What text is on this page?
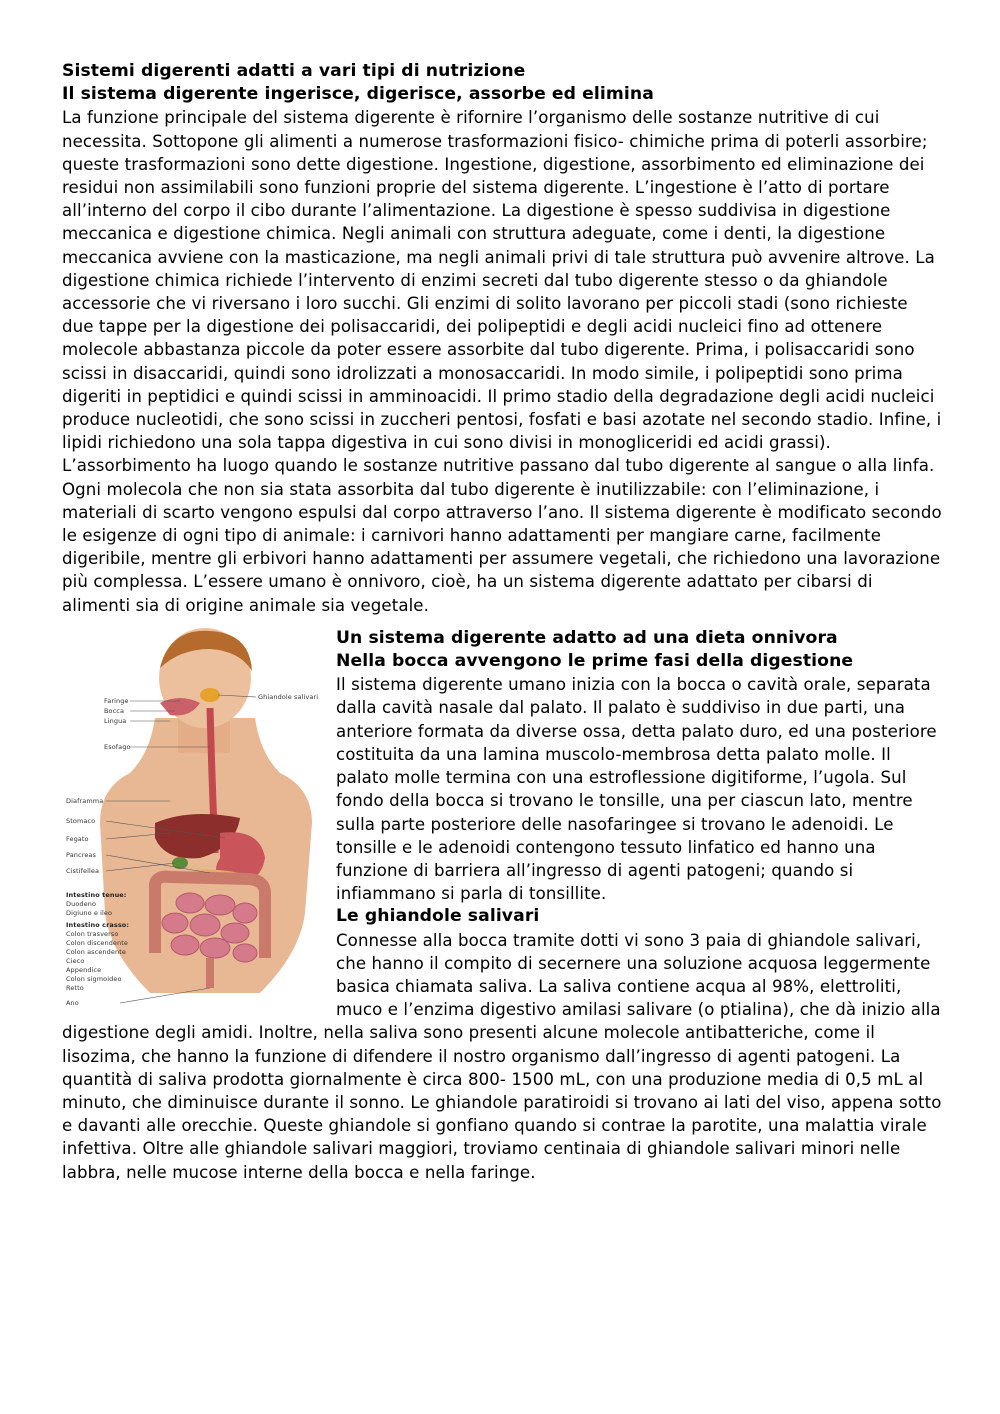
Sistemi digerenti adatti a vari tipi di nutrizione

Il sistema digerente ingerisce, digerisce, assorbe ed elimina

La funzione principale del sistema digerente è rifornire l’organismo delle sostanze nutritive di cui necessita. Sottopone gli alimenti a numerose trasformazioni fisico- chimiche prima di poterli assorbire; queste trasformazioni sono dette digestione. Ingestione, digestione, assorbimento ed eliminazione dei residui non assimilabili sono funzioni proprie del sistema digerente. L’ingestione è l’atto di portare all’interno del corpo il cibo durante l’alimentazione. La digestione è spesso suddivisa in digestione meccanica e digestione chimica. Negli animali con struttura adeguate, come i denti, la digestione meccanica avviene con la masticazione, ma negli animali privi di tale struttura può avvenire altrove. La digestione chimica richiede l’intervento di enzimi secreti dal tubo digerente stesso o da ghiandole accessorie che vi riversano i loro succhi. Gli enzimi di solito lavorano per piccoli stadi (sono richieste due tappe per la digestione dei polisaccaridi, dei polipeptidi e degli acidi nucleici fino ad ottenere molecole abbastanza piccole da poter essere assorbite dal tubo digerente. Prima, i polisaccaridi sono scissi in disaccaridi, quindi sono idrolizzati a monosaccaridi. In modo simile, i polipeptidi sono prima digeriti in peptidici e quindi scissi in amminoacidi. Il primo stadio della degradazione degli acidi nucleici produce nucleotidi, che sono scissi in zuccheri pentosi, fosfati e basi azotate nel secondo stadio. Infine, i lipidi richiedono una sola tappa digestiva in cui sono divisi in monogliceridi ed acidi grassi). L’assorbimento ha luogo quando le sostanze nutritive passano dal tubo digerente al sangue o alla linfa. Ogni molecola che non sia stata assorbita dal tubo digerente è inutilizzabile: con l’eliminazione, i materiali di scarto vengono espulsi dal corpo attraverso l’ano. Il sistema digerente è modificato secondo le esigenze di ogni tipo di animale: i carnivori hanno adattamenti per mangiare carne, facilmente digeribile, mentre gli erbivori hanno adattamenti per assumere vegetali, che richiedono una lavorazione più complessa. L’essere umano è onnivoro, cioè, ha un sistema digerente adattato per cibarsi di alimenti sia di origine animale sia vegetale.

Faringe
Bocca
Lingua
Esofago
Diaframma
Stomaco
Fegato
Pancreas
Cistifellea
Ghiandole salivari
Intestino tenue:
Duodeno
Digiuno e ileo
Intestino crasso:
Colon trasverso
Colon discendente
Colon ascendente
Cieco
Appendice
Colon sigmoideo
Retto
Ano

Un sistema digerente adatto ad una dieta onnivora

Nella bocca avvengono le prime fasi della digestione

Il sistema digerente umano inizia con la bocca o cavità orale, separata dalla cavità nasale dal palato. Il palato è suddiviso in due parti, una anteriore formata da diverse ossa, detta palato duro, ed una posteriore costituita da una lamina muscolo-membrosa detta palato molle. Il palato molle termina con una estroflessione digitiforme, l’ugola. Sul fondo della bocca si trovano le tonsille, una per ciascun lato, mentre sulla parte posteriore delle nasofaringee si trovano le adenoidi. Le tonsille e le adenoidi contengono tessuto linfatico ed hanno una funzione di barriera all’ingresso di agenti patogeni; quando si infiammano si parla di tonsillite.

Le ghiandole salivari

Connesse alla bocca tramite dotti vi sono 3 paia di ghiandole salivari, che hanno il compito di secernere una soluzione acquosa leggermente basica chiamata saliva. La saliva contiene acqua al 98%, elettroliti, muco e l’enzima digestivo amilasi salivare (o ptialina), che dà inizio alla digestione degli amidi. Inoltre, nella saliva sono presenti alcune molecole antibatteriche, come il lisozima, che hanno la funzione di difendere il nostro organismo dall’ingresso di agenti patogeni. La quantità di saliva prodotta giornalmente è circa 800- 1500 mL, con una produzione media di 0,5 mL al minuto, che diminuisce durante il sonno. Le ghiandole paratiroidi si trovano ai lati del viso, appena sotto e davanti alle orecchie. Queste ghiandole si gonfiano quando si contrae la parotite, una malattia virale infettiva. Oltre alle ghiandole salivari maggiori, troviamo centinaia di ghiandole salivari minori nelle labbra, nelle mucose interne della bocca e nella faringe.
